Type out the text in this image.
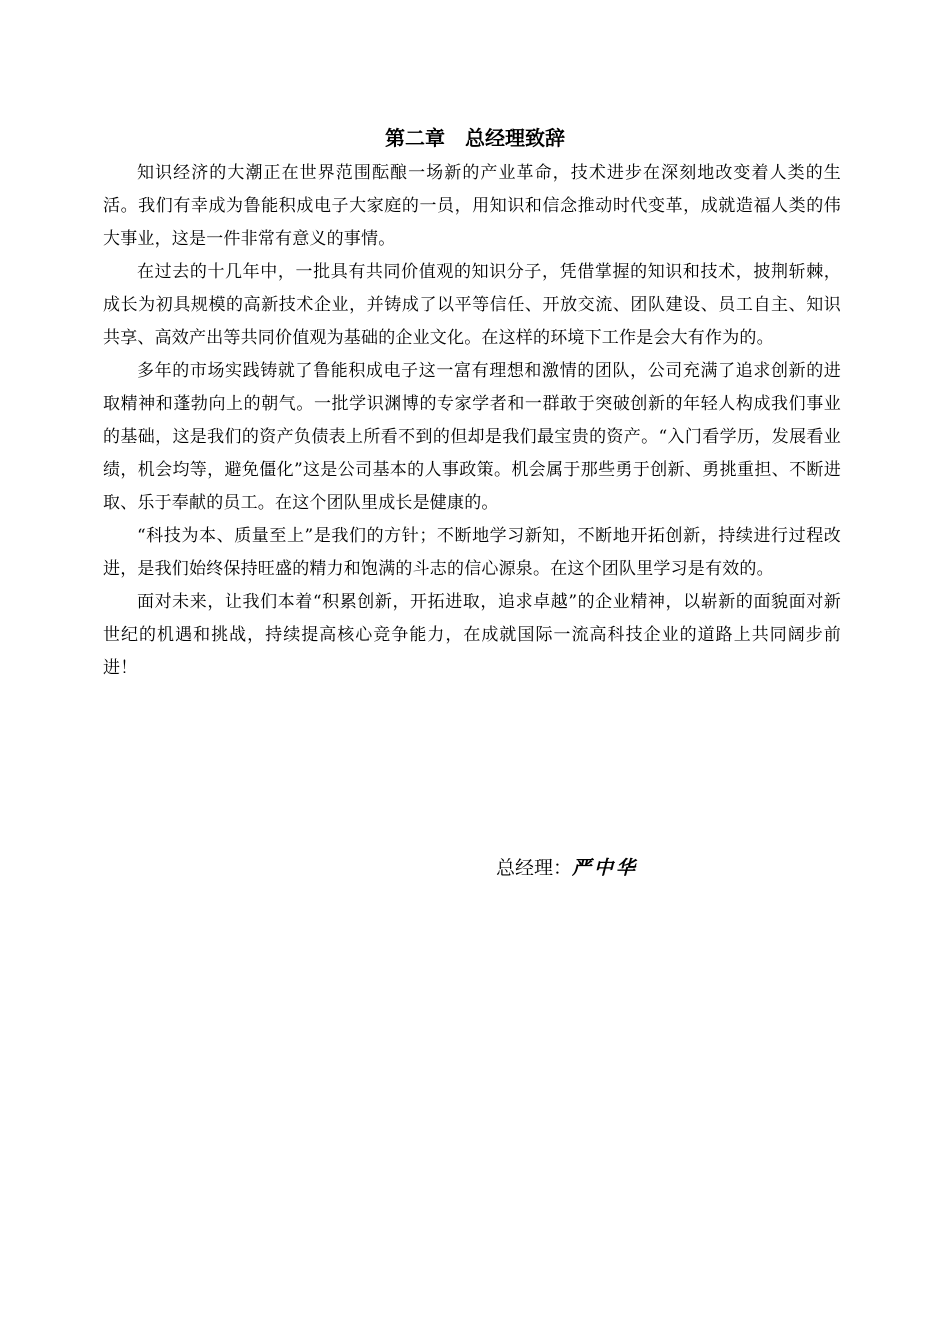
第二章　总经理致辞

知识经济的大潮正在世界范围酝酿一场新的产业革命，技术进步在深刻地改变着人类的生活。我们有幸成为鲁能积成电子大家庭的一员，用知识和信念推动时代变革，成就造福人类的伟大事业，这是一件非常有意义的事情。

在过去的十几年中，一批具有共同价值观的知识分子，凭借掌握的知识和技术，披荆斩棘，成长为初具规模的高新技术企业，并铸成了以平等信任、开放交流、团队建设、员工自主、知识共享、高效产出等共同价值观为基础的企业文化。在这样的环境下工作是会大有作为的。

多年的市场实践铸就了鲁能积成电子这一富有理想和激情的团队，公司充满了追求创新的进取精神和蓬勃向上的朝气。一批学识渊博的专家学者和一群敢于突破创新的年轻人构成我们事业的基础，这是我们的资产负债表上所看不到的但却是我们最宝贵的资产。“入门看学历，发展看业绩，机会均等，避免僵化”这是公司基本的人事政策。机会属于那些勇于创新、勇挑重担、不断进取、乐于奉献的员工。在这个团队里成长是健康的。

“科技为本、质量至上”是我们的方针；不断地学习新知，不断地开拓创新，持续进行过程改进，是我们始终保持旺盛的精力和饱满的斗志的信心源泉。在这个团队里学习是有效的。

面对未来，让我们本着“积累创新，开拓进取，追求卓越”的企业精神，以崭新的面貌面对新世纪的机遇和挑战，持续提高核心竞争能力，在成就国际一流高科技企业的道路上共同阔步前进！

总经理：严中华
